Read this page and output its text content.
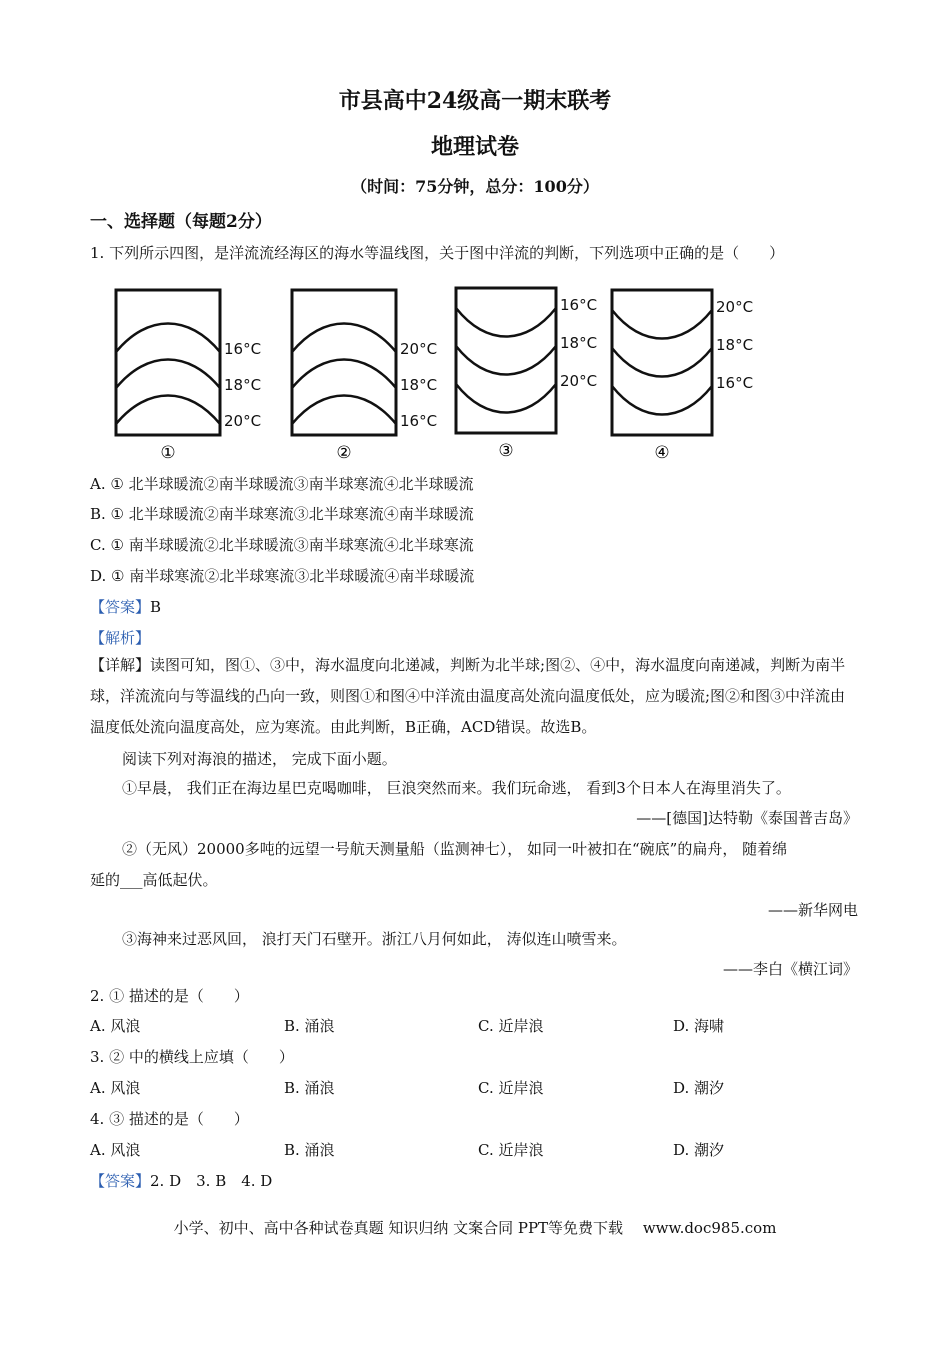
市县高中24级高一期末联考
地理试卷
（时间：75分钟，总分：100分）
一、选择题（每题2分）
1. 下列所示四图，是洋流流经海区的海水等温线图，关于图中洋流的判断，下列选项中正确的是（　　）
16°C
18°C
20°C
①
20°C
18°C
16°C
②
16°C
18°C
20°C
③
20°C
18°C
16°C
④
A. ① 北半球暖流②南半球暖流③南半球寒流④北半球暖流
B. ① 北半球暖流②南半球寒流③北半球寒流④南半球暖流
C. ① 南半球暖流②北半球暖流③南半球寒流④北半球寒流
D. ① 南半球寒流②北半球寒流③北半球暖流④南半球暖流
【答案】B
【解析】
【详解】读图可知，图①、③中，海水温度向北递减，判断为北半球;图②、④中，海水温度向南递减，判断为南半球，洋流流向与等温线的凸向一致，则图①和图④中洋流由温度高处流向温度低处，应为暖流;图②和图③中洋流由温度低处流向温度高处，应为寒流。由此判断，B正确，ACD错误。故选B。
阅读下列对海浪的描述， 完成下面小题。
①早晨， 我们正在海边星巴克喝咖啡， 巨浪突然而来。我们玩命逃， 看到3个日本人在海里消失了。
——[德国]达特勒《泰国普吉岛》
②（无风）20000多吨的远望一号航天测量船（监测神七）， 如同一叶被扣在“碗底”的扁舟， 随着绵
延的___高低起伏。
——新华网电
③海神来过恶风回， 浪打天门石壁开。浙江八月何如此， 涛似连山喷雪来。
——李白《横江词》
2. ① 描述的是（　　）
A. 风浪	B. 涌浪	C. 近岸浪	D. 海啸
3. ② 中的横线上应填（　　）
A. 风浪	B. 涌浪	C. 近岸浪	D. 潮汐
4. ③ 描述的是（　　）
A. 风浪	B. 涌浪	C. 近岸浪	D. 潮汐
【答案】2. D　3. B　4. D
小学、初中、高中各种试卷真题 知识归纳 文案合同 PPT等免费下载　 www.doc985.com
